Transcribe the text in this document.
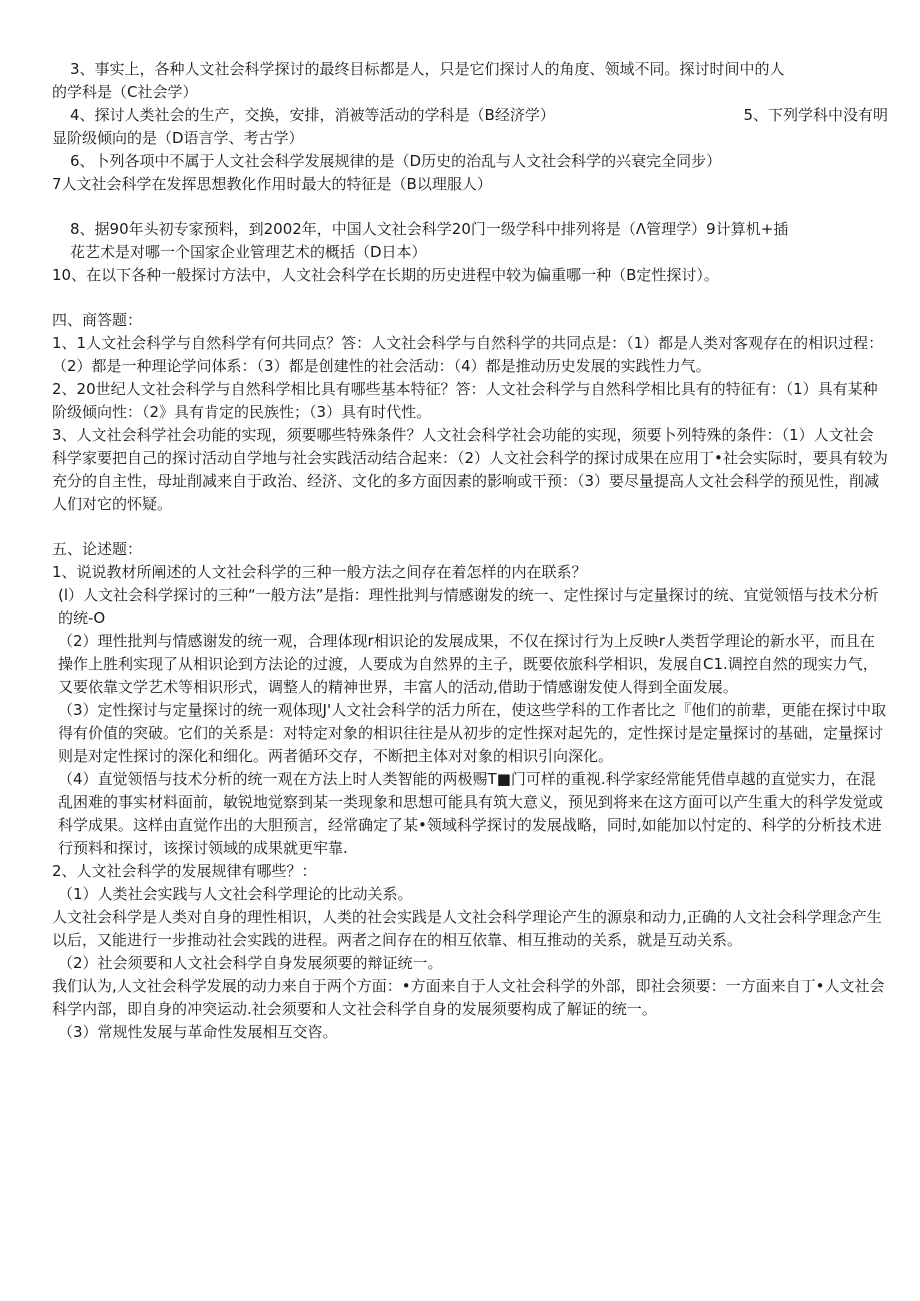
3、事实上，各种人文社会科学探讨的最终目标都是人，只是它们探讨人的角度、领域不同。探讨时间中的人

的学科是（C社会学）

4、探讨人类社会的生产，交换，安排，消被等活动的学科是（B经济学）	5、下列学科中没有明

显阶级倾向的是（D语言学、考古学）

6、卜列各项中不属于人文社会科学发展规律的是（D历史的治乱与人文社会科学的兴衰完全同步）

7人文社会科学在发挥思想教化作用时最大的特征是（B以理服人）

8、据90年头初专家预料，到2002年，中国人文社会科学20门一级学科中排列将是（Λ管理学）9计算机+插

花艺术是对哪一个国家企业管理艺术的概括（D日本）

10、在以下各种一般探讨方法中，人文社会科学在长期的历史进程中较为偏重哪一种（B定性探讨）。

四、商答题：

1、1人文社会科学与自然科学有何共同点？答：人文社会科学与自然科学的共同点是：（1）都是人类对客观存在的相识过程：（2）都是一种理论学问体系：（3）都是创建性的社会活动：（4）都是推动历史发展的实践性力气。

2、20世纪人文社会科学与自然科学相比具有哪些基本特征？答：人文社会科学与自然科学相比具有的特征有：（1）具有某种阶级倾向性：（2》具有肯定的民族性；（3）具有时代性。

3、人文社会科学社会功能的实现，须要哪些特殊条件？人文社会科学社会功能的实现，须要卜列特殊的条件：（1）人文社会科学家要把自己的探讨活动自学地与社会实践活动结合起来：（2）人文社会科学的探讨成果在应用丁•社会实际时，要具有较为充分的自主性，母址削减来自于政治、经济、文化的多方面因素的影响或干预：（3）要尽量提高人文社会科学的预见性，削减人们对它的怀疑。

五、论述题：

1、说说教材所阐述的人文社会科学的三种一般方法之间存在着怎样的内在联系？

(l）人文社会科学探讨的三种“一般方法”是指：理性批判与情感谢发的统一、定性探讨与定量探讨的统、宜觉领悟与技术分析的统-O

（2）理性批判与情感谢发的统一观，合理体现r相识论的发展成果，不仅在探讨行为上反映r人类哲学理论的新水平，而且在操作上胜利实现了从相识论到方法论的过渡，人要成为自然界的主子，既要依旅科学相识，发展自C1.调控自然的现实力气，又要依靠文学艺术等相识形式，调整人的精神世界，丰富人的活动,借助于情感谢发使人得到全面发展。

（3）定性探讨与定量探讨的统一观体现J'人文社会科学的活力所在，使这些学科的工作者比之『他们的前辈，更能在探讨中取得有价值的突破。它们的关系是：对特定对象的相识往往是从初步的定性探对起先的，定性探讨是定量探讨的基础，定量探讨则是对定性探讨的深化和细化。两者循环交存，不断把主体对对象的相识引向深化。

（4）直觉领悟与技术分析的统一观在方法上时人类智能的两极赐T■门可样的重视.科学家经常能凭借卓越的直觉实力，在混乱困难的事实材料面前，敏锐地觉察到某一类现象和思想可能具有筑大意义，预见到将来在这方面可以产生重大的科学发觉或科学成果。这样由直觉作出的大胆预言，经常确定了某•领域科学探讨的发展战略，同时,如能加以忖定的、科学的分析技术进行预料和探讨，该探讨领域的成果就更牢靠.

2、人文社会科学的发展规律有哪些？：

（1）人类社会实践与人文社会科学理论的比动关系。

人文社会科学是人类对自身的理性相识，人类的社会实践是人文社会科学理论产生的源泉和动力,正确的人文社会科学理念产生以后，又能进行一步推动社会实践的进程。两者之间存在的相互依靠、相互推动的关系，就是互动关系。

（2）社会须要和人文社会科学自身发展须要的辩证统一。

我们认为,人文社会科学发展的动力来自于两个方面：•方面来自于人文社会科学的外部，即社会须要：一方面来自丁•人文社会科学内部，即自身的冲突运动.社会须要和人文社会科学自身的发展须要构成了解证的统一。

（3）常规性发展与革命性发展相互交咨。
